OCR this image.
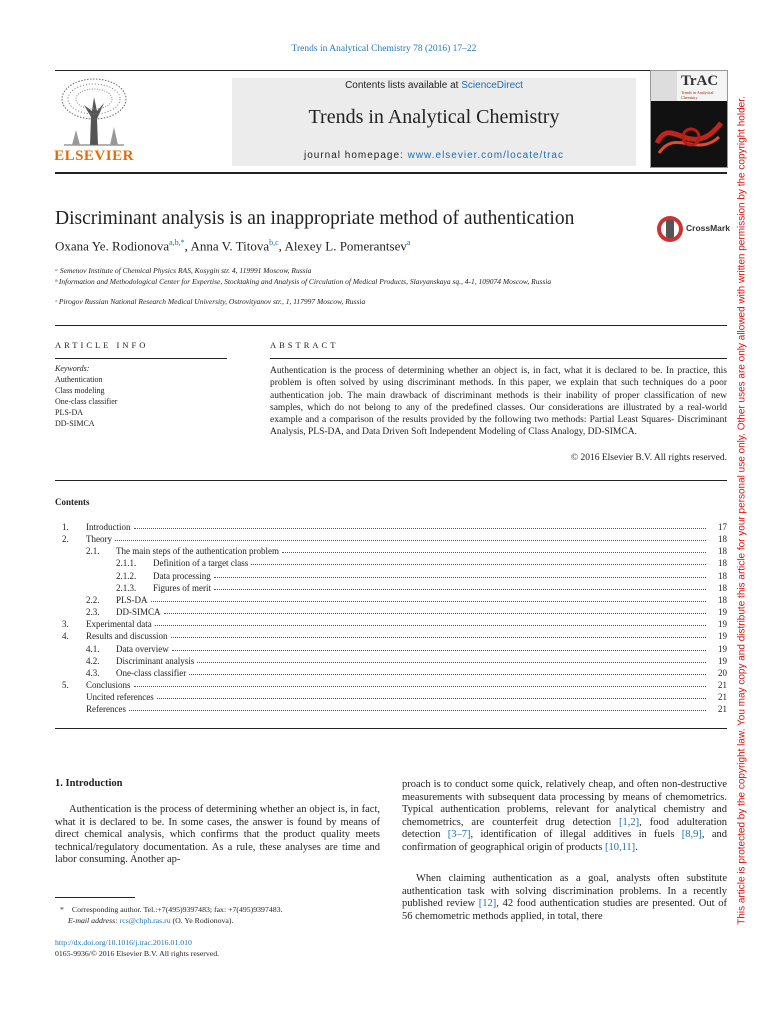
Trends in Analytical Chemistry 78 (2016) 17–22
ELSEVIER
Contents lists available at ScienceDirect
Trends in Analytical Chemistry
journal homepage: www.elsevier.com/locate/trac
TrAC
Trends in Analytical Chemistry
Discriminant analysis is an inappropriate method of authentication
Oxana Ye. Rodionova$^{a,b,*}$, Anna V. Titova$^{b,c}$, Alexey L. Pomerantsev$^a$
CrossMark
ᵃ Semenov Institute of Chemical Physics RAS, Kosygin str. 4, 119991 Moscow, Russia
ᵇ Information and Methodological Center for Expertise, Stocktaking and Analysis of Circulation of Medical Products, Slavyanskaya sq., 4-1, 109074 Moscow, Russia
ᶜ Pirogov Russian National Research Medical University, Ostrovityanov str., 1, 117997 Moscow, Russia
ARTICLE INFO	ABSTRACT
Keywords:
Authentication
Class modeling
One-class classifier
PLS-DA
DD-SIMCA
Authentication is the process of determining whether an object is, in fact, what it is declared to be. In practice, this problem is often solved by using discriminant methods. In this paper, we explain that such techniques do a poor authentication job. The main drawback of discriminant methods is their inability of proper classification of new samples, which do not belong to any of the predefined classes. Our considerations are illustrated by a real-world example and a comparison of the results provided by the following two methods: Partial Least Squares- Discriminant Analysis, PLS-DA, and Data Driven Soft Independent Modeling of Class Analogy, DD-SIMCA.
© 2016 Elsevier B.V. All rights reserved.
Contents
1. Introduction	17
2. Theory	18
2.1. The main steps of the authentication problem	18
2.1.1. Definition of a target class	18
2.1.2. Data processing	18
2.1.3. Figures of merit	18
2.2. PLS-DA	18
2.3. DD-SIMCA	19
3. Experimental data	19
4. Results and discussion	19
4.1. Data overview	19
4.2. Discriminant analysis	19
4.3. One-class classifier	20
5. Conclusions	21
Uncited references	21
References	21
1. Introduction
Authentication is the process of determining whether an object is, in fact, what it is declared to be. In some cases, the answer is found by means of direct chemical analysis, which confirms that the product quality meets technical/regulatory documentation. As a rule, these analyses are time and labor consuming. Another ap-
proach is to conduct some quick, relatively cheap, and often non-destructive measurements with subsequent data processing by means of chemometrics. Typical authentication problems, relevant for analytical chemistry and chemometrics, are counterfeit drug detection [1,2], food adulteration detection [3–7], identification of illegal additives in fuels [8,9], and confirmation of geographical origin of products [10,11].
When claiming authentication as a goal, analysts often substitute authentication task with solving discrimination problems. In a recently published review [12], 42 food authentication studies are presented. Out of 56 chemometric methods applied, in total, there
* Corresponding author. Tel.:+7(495)9397483; fax: +7(495)9397483.
E-mail address: rcs@chph.ras.ru (O. Ye Rodionova).
http://dx.doi.org/10.1016/j.trac.2016.01.010
0165-9936/© 2016 Elsevier B.V. All rights reserved.
This article is protected by the copyright law. You may copy and distribute this article for your personal use only. Other uses are only allowed with written permission by the copyright holder.
